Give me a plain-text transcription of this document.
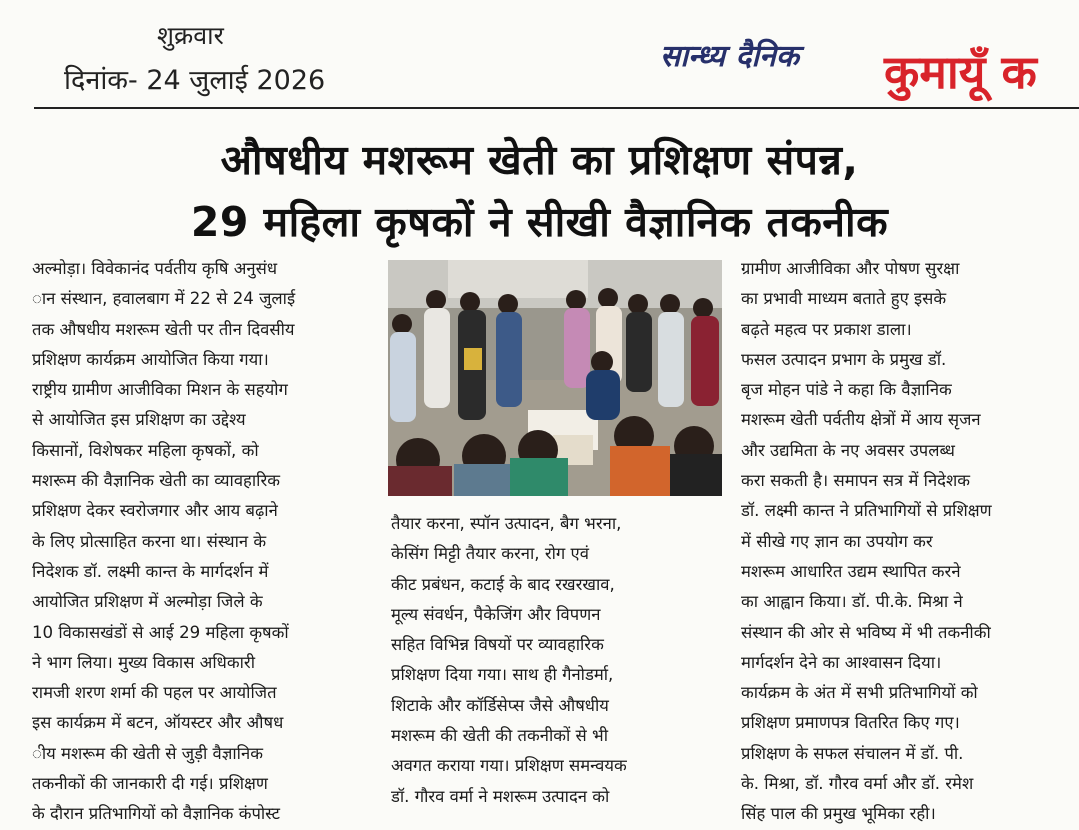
शुक्रवार
दिनांक- 24 जुलाई 2026
सान्ध्य दैनिक कुमायूँ क
औषधीय मशरूम खेती का प्रशिक्षण संपन्न,
29 महिला कृषकों ने सीखी वैज्ञानिक तकनीक
अल्मोड़ा। विवेकानंद पर्वतीय कृषि अनुसंध
ान संस्थान, हवालबाग में 22 से 24 जुलाई
तक औषधीय मशरूम खेती पर तीन दिवसीय
प्रशिक्षण कार्यक्रम आयोजित किया गया।
राष्ट्रीय ग्रामीण आजीविका मिशन के सहयोग
से आयोजित इस प्रशिक्षण का उद्देश्य
किसानों, विशेषकर महिला कृषकों, को
मशरूम की वैज्ञानिक खेती का व्यावहारिक
प्रशिक्षण देकर स्वरोजगार और आय बढ़ाने
के लिए प्रोत्साहित करना था। संस्थान के
निदेशक डॉ. लक्ष्मी कान्त के मार्गदर्शन में
आयोजित प्रशिक्षण में अल्मोड़ा जिले के
10 विकासखंडों से आई 29 महिला कृषकों
ने भाग लिया। मुख्य विकास अधिकारी
रामजी शरण शर्मा की पहल पर आयोजित
इस कार्यक्रम में बटन, ऑयस्टर और औषध
ीय मशरूम की खेती से जुड़ी वैज्ञानिक
तकनीकों की जानकारी दी गई। प्रशिक्षण
के दौरान प्रतिभागियों को वैज्ञानिक कंपोस्ट
तैयार करना, स्पॉन उत्पादन, बैग भरना,
केसिंग मिट्टी तैयार करना, रोग एवं
कीट प्रबंधन, कटाई के बाद रखरखाव,
मूल्य संवर्धन, पैकेजिंग और विपणन
सहित विभिन्न विषयों पर व्यावहारिक
प्रशिक्षण दिया गया। साथ ही गैनोडर्मा,
शिटाके और कॉर्डिसेप्स जैसे औषधीय
मशरूम की खेती की तकनीकों से भी
अवगत कराया गया। प्रशिक्षण समन्वयक
डॉ. गौरव वर्मा ने मशरूम उत्पादन को
ग्रामीण आजीविका और पोषण सुरक्षा
का प्रभावी माध्यम बताते हुए इसके
बढ़ते महत्व पर प्रकाश डाला।
फसल उत्पादन प्रभाग के प्रमुख डॉ.
बृज मोहन पांडे ने कहा कि वैज्ञानिक
मशरूम खेती पर्वतीय क्षेत्रों में आय सृजन
और उद्यमिता के नए अवसर उपलब्ध
करा सकती है। समापन सत्र में निदेशक
डॉ. लक्ष्मी कान्त ने प्रतिभागियों से प्रशिक्षण
में सीखे गए ज्ञान का उपयोग कर
मशरूम आधारित उद्यम स्थापित करने
का आह्वान किया। डॉ. पी.के. मिश्रा ने
संस्थान की ओर से भविष्य में भी तकनीकी
मार्गदर्शन देने का आश्वासन दिया।
कार्यक्रम के अंत में सभी प्रतिभागियों को
प्रशिक्षण प्रमाणपत्र वितरित किए गए।
प्रशिक्षण के सफल संचालन में डॉ. पी.
के. मिश्रा, डॉ. गौरव वर्मा और डॉ. रमेश
सिंह पाल की प्रमुख भूमिका रही।
